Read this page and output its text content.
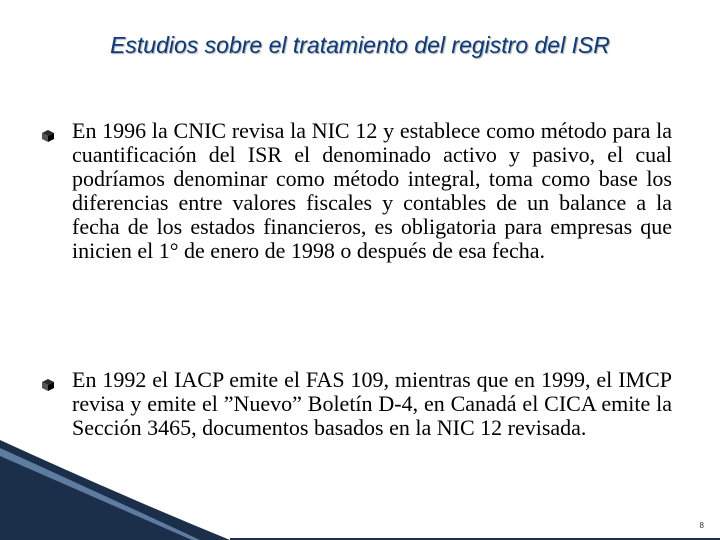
Estudios sobre el tratamiento del registro del ISR
En 1996 la CNIC revisa la NIC 12 y establece como método para la cuantificación del ISR el denominado activo y pasivo, el cual podríamos denominar como método integral, toma como base los diferencias entre valores fiscales y contables de un balance a la fecha de los estados financieros, es obligatoria para empresas que inicien el 1° de enero de 1998 o después de esa fecha.
En 1992 el IACP emite el FAS 109, mientras que en 1999, el IMCP revisa y emite el ”Nuevo” Boletín D-4, en Canadá el CICA emite la Sección 3465, documentos basados en la NIC 12 revisada.
8
